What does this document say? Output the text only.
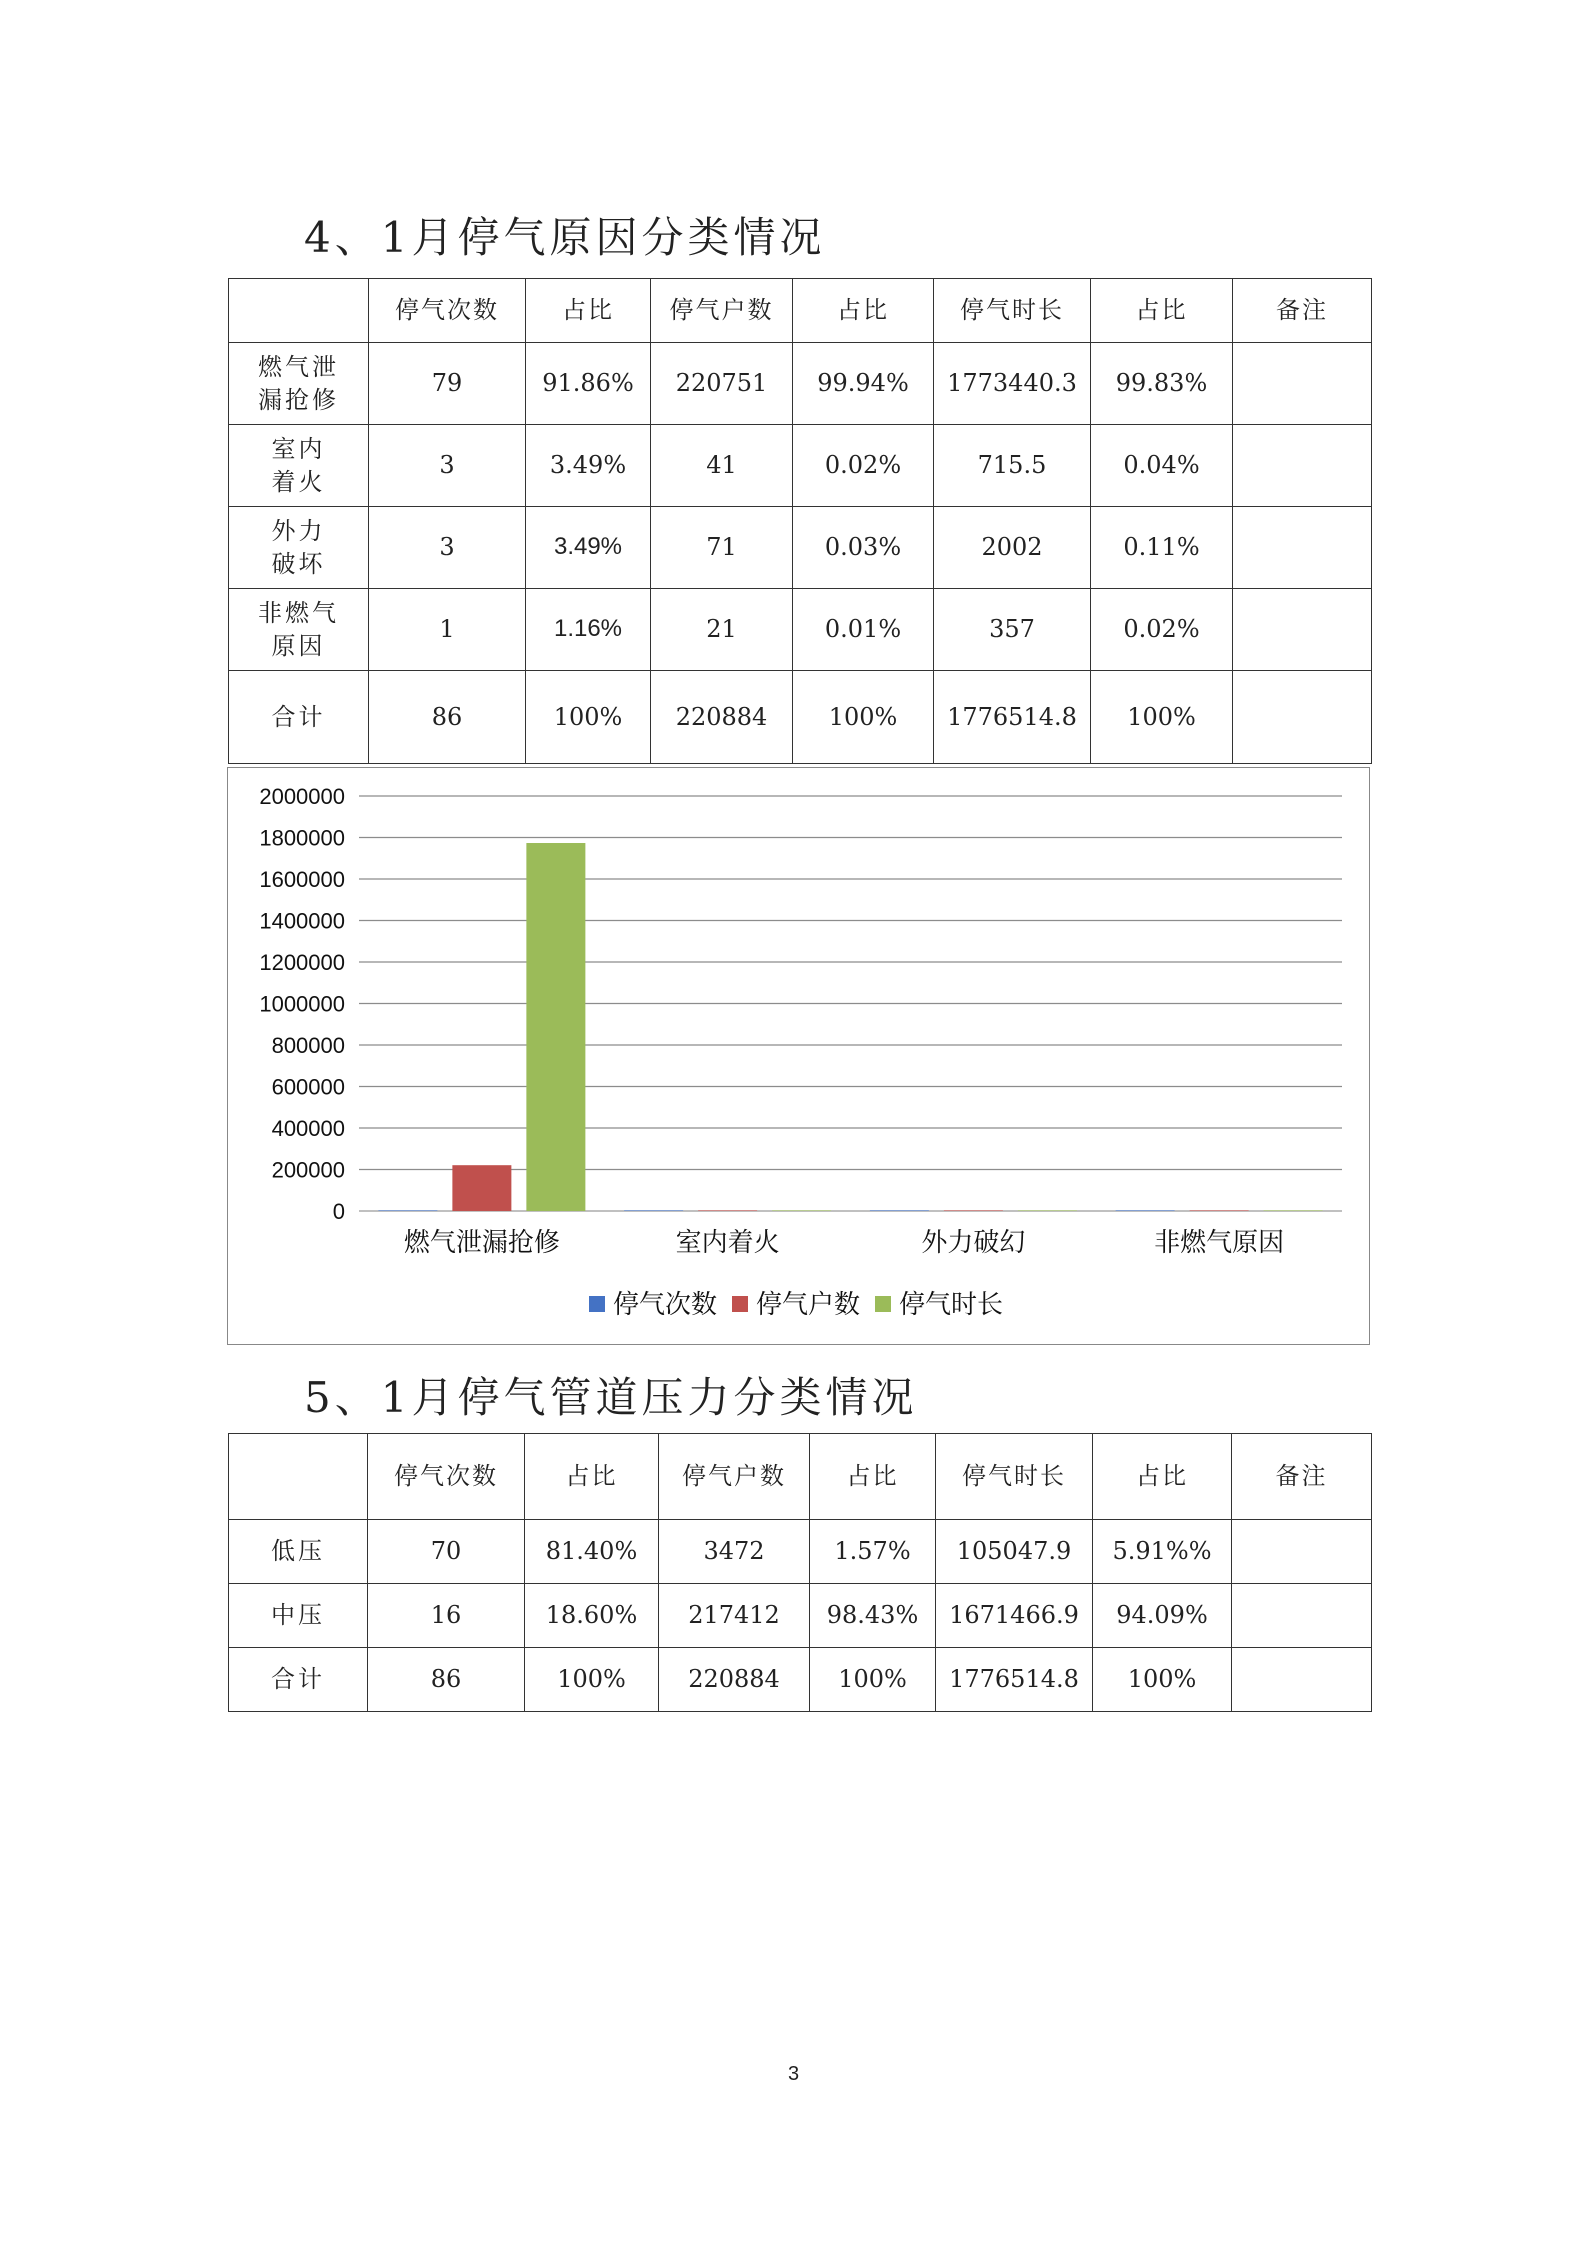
4、1月停气原因分类情况
	停气次数	占比	停气户数	占比	停气时长	占比	备注
燃气泄
漏抢修	79	91.86%	220751	99.94%	1773440.3	99.83%	
室内
着火	3	3.49%	41	0.02%	715.5	0.04%	
外力
破坏	3	3.49%	71	0.03%	2002	0.11%	
非燃气
原因	1	1.16%	21	0.01%	357	0.02%	
合计	86	100%	220884	100%	1776514.8	100%	
2000000
1800000
1600000
1400000
1200000
1000000
800000
600000
400000
200000
0
燃气泄漏抢修	室内着火	外力破幻	非燃气原因
停气次数 停气户数 停气时长
5、1月停气管道压力分类情况
	停气次数	占比	停气户数	占比	停气时长	占比	备注
低压	70	81.40%	3472	1.57%	105047.9	5.91%%	
中压	16	18.60%	217412	98.43%	1671466.9	94.09%	
合计	86	100%	220884	100%	1776514.8	100%	
3
